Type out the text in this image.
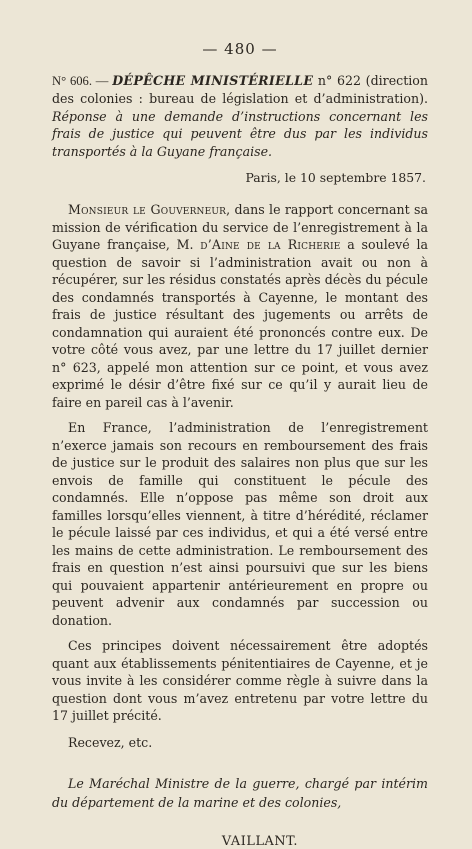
— 480 —
N° 606. — DÉPÊCHE MINISTÉRIELLE n° 622 (direction des colonies : bureau de législation et d’administration). Réponse à une demande d’instructions concernant les frais de justice qui peuvent être dus par les individus transportés à la Guyane française.
Paris, le 10 septembre 1857.

Monsieur le Gouverneur, dans le rapport concernant sa mission de vérification du service de l’enregistrement à la Guyane française, M. d’Aine de la Richerie a soulevé la question de savoir si l’administration avait ou non à récupérer, sur les résidus constatés après décès du pécule des condamnés transportés à Cayenne, le montant des frais de justice résultant des jugements ou arrêts de condamnation qui auraient été prononcés contre eux. De votre côté vous avez, par une lettre du 17 juillet dernier n° 623, appelé mon attention sur ce point, et vous avez exprimé le désir d’être fixé sur ce qu’il y aurait lieu de faire en pareil cas à l’avenir.

En France, l’administration de l’enregistrement n’exerce jamais son recours en remboursement des frais de justice sur le produit des salaires non plus que sur les envois de famille qui constituent le pécule des condamnés. Elle n’oppose pas même son droit aux familles lorsqu’elles viennent, à titre d’hérédité, réclamer le pécule laissé par ces individus, et qui a été versé entre les mains de cette administration. Le remboursement des frais en question n’est ainsi poursuivi que sur les biens qui pouvaient appartenir antérieurement en propre ou peuvent advenir aux condamnés par succession ou donation.

Ces principes doivent nécessairement être adoptés quant aux établissements pénitentiaires de Cayenne, et je vous invite à les considérer comme règle à suivre dans la question dont vous m’avez entretenu par votre lettre du 17 juillet précité.

Recevez, etc.
Le Maréchal Ministre de la guerre, chargé par intérim du département de la marine et des colonies,
VAILLANT.
